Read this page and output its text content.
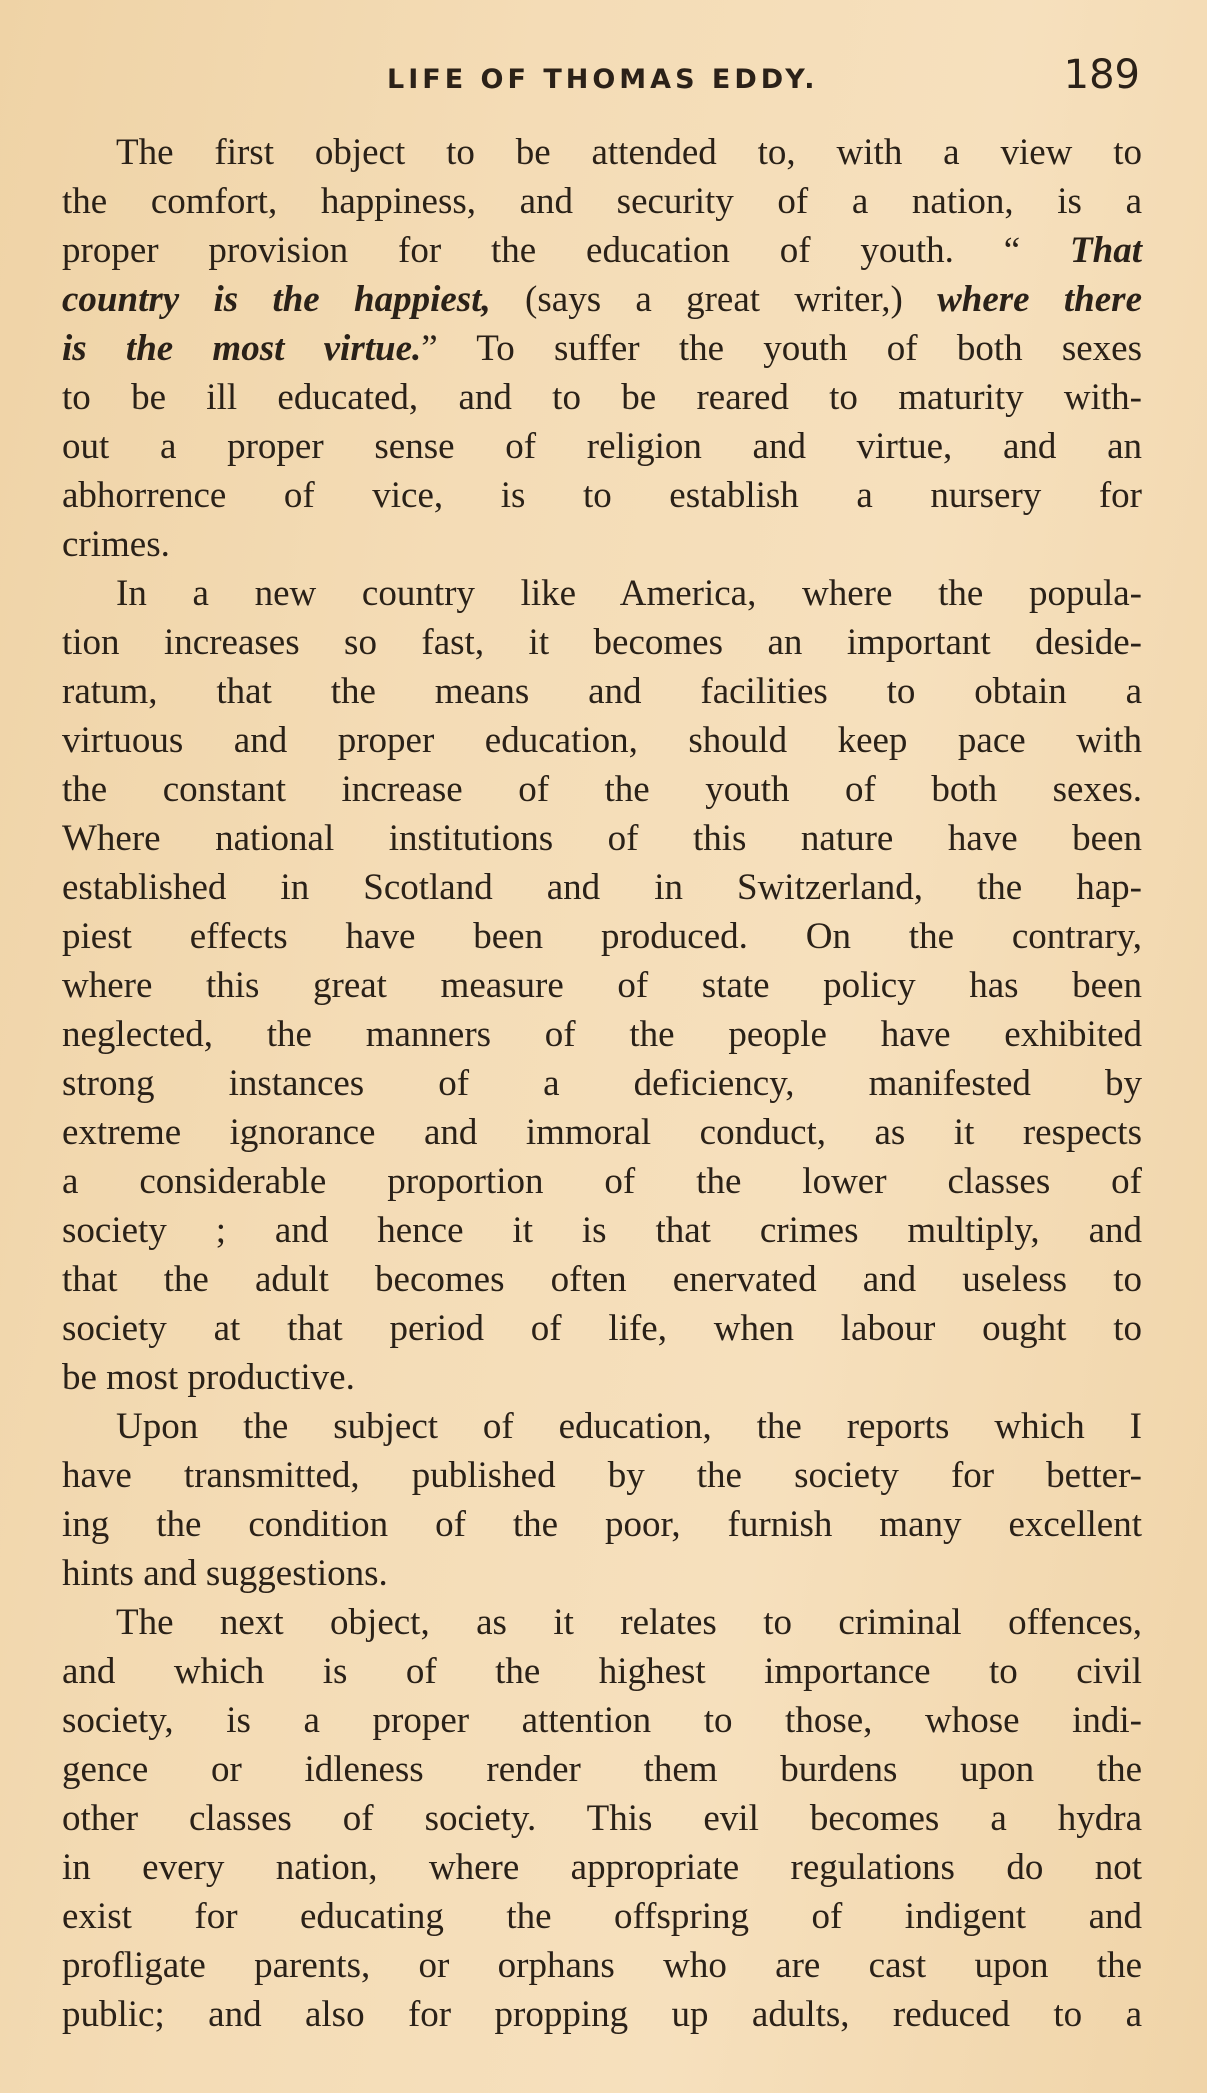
LIFE OF THOMAS EDDY.	189
The first object to be attended to, with a view to
the comfort, happiness, and security of a nation, is a
proper provision for the education of youth. “ That
country is the happiest, (says a great writer,) where there
is the most virtue.” To suffer the youth of both sexes
to be ill educated, and to be reared to maturity with-
out a proper sense of religion and virtue, and an
abhorrence of vice, is to establish a nursery for
crimes.
In a new country like America, where the popula-
tion increases so fast, it becomes an important deside-
ratum, that the means and facilities to obtain a
virtuous and proper education, should keep pace with
the constant increase of the youth of both sexes.
Where national institutions of this nature have been
established in Scotland and in Switzerland, the hap-
piest effects have been produced. On the contrary,
where this great measure of state policy has been
neglected, the manners of the people have exhibited
strong instances of a deficiency, manifested by
extreme ignorance and immoral conduct, as it respects
a considerable proportion of the lower classes of
society ; and hence it is that crimes multiply, and
that the adult becomes often enervated and useless to
society at that period of life, when labour ought to
be most productive.
Upon the subject of education, the reports which I
have transmitted, published by the society for better-
ing the condition of the poor, furnish many excellent
hints and suggestions.
The next object, as it relates to criminal offences,
and which is of the highest importance to civil
society, is a proper attention to those, whose indi-
gence or idleness render them burdens upon the
other classes of society. This evil becomes a hydra
in every nation, where appropriate regulations do not
exist for educating the offspring of indigent and
profligate parents, or orphans who are cast upon the
public; and also for propping up adults, reduced to a
